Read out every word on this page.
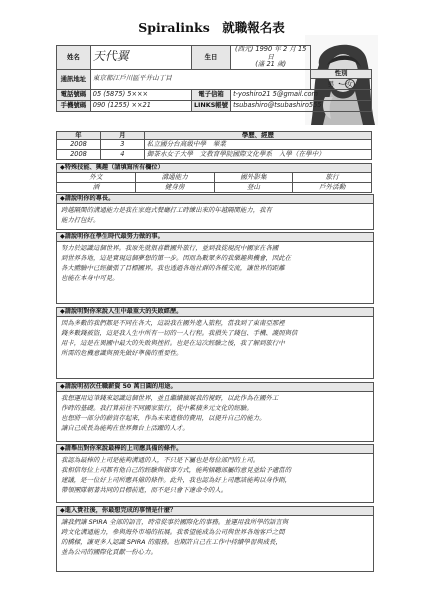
Spiralinks　就職報名表
姓名	天代翼	生日	(西元) 1990 年 2 月 15 日
(滿 21 歲)	

通訊地址	東京都江戶川區平井山丁目			性別
				男 ・ 女
電話號碼	05 (5875) 5×××	電子信箱	t-yoshiro21 5@gmail.com	
手機號碼	090 (1255) ××21	LINKS帳號	tsubashiro@tsubashiro555	
年	月	學歷、經歷
2008	3	私立國分台高級中學　畢業
2008	4	御茶水女子大學　文教育學院國際文化學系　入學（在學中）
◆特殊技能、興趣（請填寫所有欄位）			
外文	溝通能力	國外影集	旅行
酒	健身房	登山	戶外活動
◆請說明你的專長。
跨越隔閡的溝通能力是我在家庭式餐廳打工時練出來的年越隔閡能力，我有
能力打包好。
◆請說明你在學生時代最努力做的事。
努力於認識這個世界。我原先就很喜歡國外旅行，並到我從現況中國家在各國
到世界各地，這是實現這個夢想的第一步。因而為數眾多的我樂趣與機會，因此在
各大體驗中已經擴張了目標國界。我也透過各地社群的各種交流，讓世界的距離
也能在本身中可見。
◆請說明對你來說人生中最重大的失敗經歷。
因為多數的我們都是不同在各大，這說我在國外進入旅程，當我到了東南亞那裡
錢多數錢被盜，這是我人生中所有一切的一人行程。我損失了錢包、手機、護照與信
用卡，這是在異國中最大的失敗與挫折。也是在這次經驗之後，我了解到旅行中
所需的危機意識與預先做好準備的重要性。
◆請說明初次任職薪資 50 萬日圓的用途。
我想運用這筆錢來認識這個世界，並且繼續擴展我的視野，以此作為在國外工
作時的基礎。我打算前往不同國家旅行，從中累積多元文化的經驗。
也想將一部分的薪資存起來，作為未來進修的費用，以提升自己的能力。
讓自己成長為能夠在世界舞台上活躍的人才。
◆請舉出對你來說最棒的上司應具備的條件。
我認為最棒的上司是能夠溝通的人，不只是下屬也是每位部門的上司。
我相信每位上司都有他自己的經驗與做事方式，能夠傾聽部屬的意見並給予適當的
建議，是一位好上司所應具備的條件。此外，我也認為好上司應該能夠以身作則，
帶領團隊朝著共同的目標前進，而不是只會下達命令的人。
◆進入貴社後，你最想完成的事情是什麼？
讓我們讓 SPIRA 全部的語言，時常從事於國際化的事務。並運用我所學的語言與
跨文化溝通能力，參與海外市場的拓展。我希望能成為公司與世界各地客戶之間
的橋樑，讓更多人認識 SPIRA 的服務。也期許自己在工作中持續學習與成長，
並為公司的國際化貢獻一份心力。
